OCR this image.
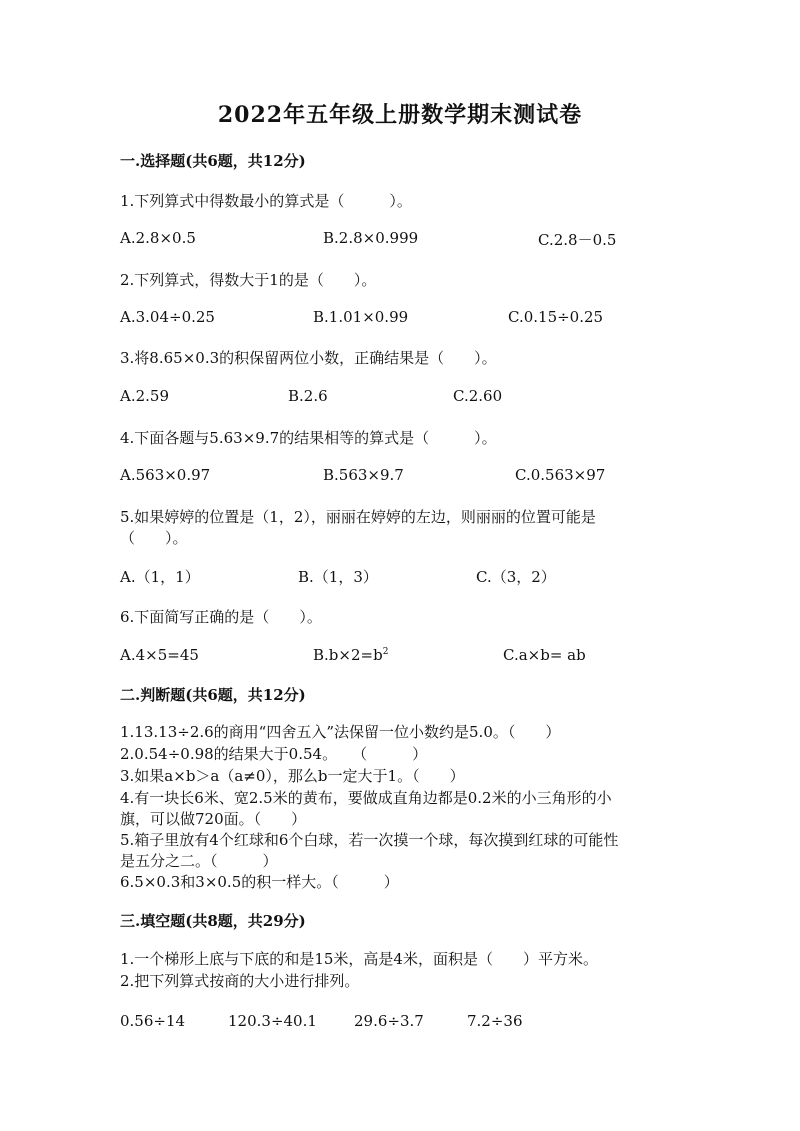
2022年五年级上册数学期末测试卷
一.选择题(共6题，共12分)
1.下列算式中得数最小的算式是（　　　）。
A.2.8×0.5	B.2.8×0.999	C.2.8－0.5
2.下列算式，得数大于1的是（　　）。
A.3.04÷0.25	B.1.01×0.99	C.0.15÷0.25
3.将8.65×0.3的积保留两位小数，正确结果是（　　）。
A.2.59	B.2.6	C.2.60
4.下面各题与5.63×9.7的结果相等的算式是（　　　）。
A.563×0.97	B.563×9.7	C.0.563×97
5.如果婷婷的位置是（1，2），丽丽在婷婷的左边，则丽丽的位置可能是
（　　）。
A.（1，1）	B.（1，3）	C.（3，2）
6.下面简写正确的是（　　）。
A.4×5=45	$B.b\times 2=b^2$	C.a×b= ab
二.判断题(共6题，共12分)
1.13.13÷2.6的商用“四舍五入”法保留一位小数约是5.0。（　　）
2.0.54÷0.98的结果大于0.54。　　（　　　）
3.如果a×b＞a（a≠0），那么b一定大于1。（　　）
4.有一块长6米、宽2.5米的黄布，要做成直角边都是0.2米的小三角形的小
旗，可以做720面。（　　）
5.箱子里放有4个红球和6个白球，若一次摸一个球，每次摸到红球的可能性
是五分之二。（　　　）
6.5×0.3和3×0.5的积一样大。（　　　）
三.填空题(共8题，共29分)
1.一个梯形上底与下底的和是15米，高是4米，面积是（　　）平方米。
2.把下列算式按商的大小进行排列。
0.56÷14	120.3÷40.1 29.6÷3.7	7.2÷36
